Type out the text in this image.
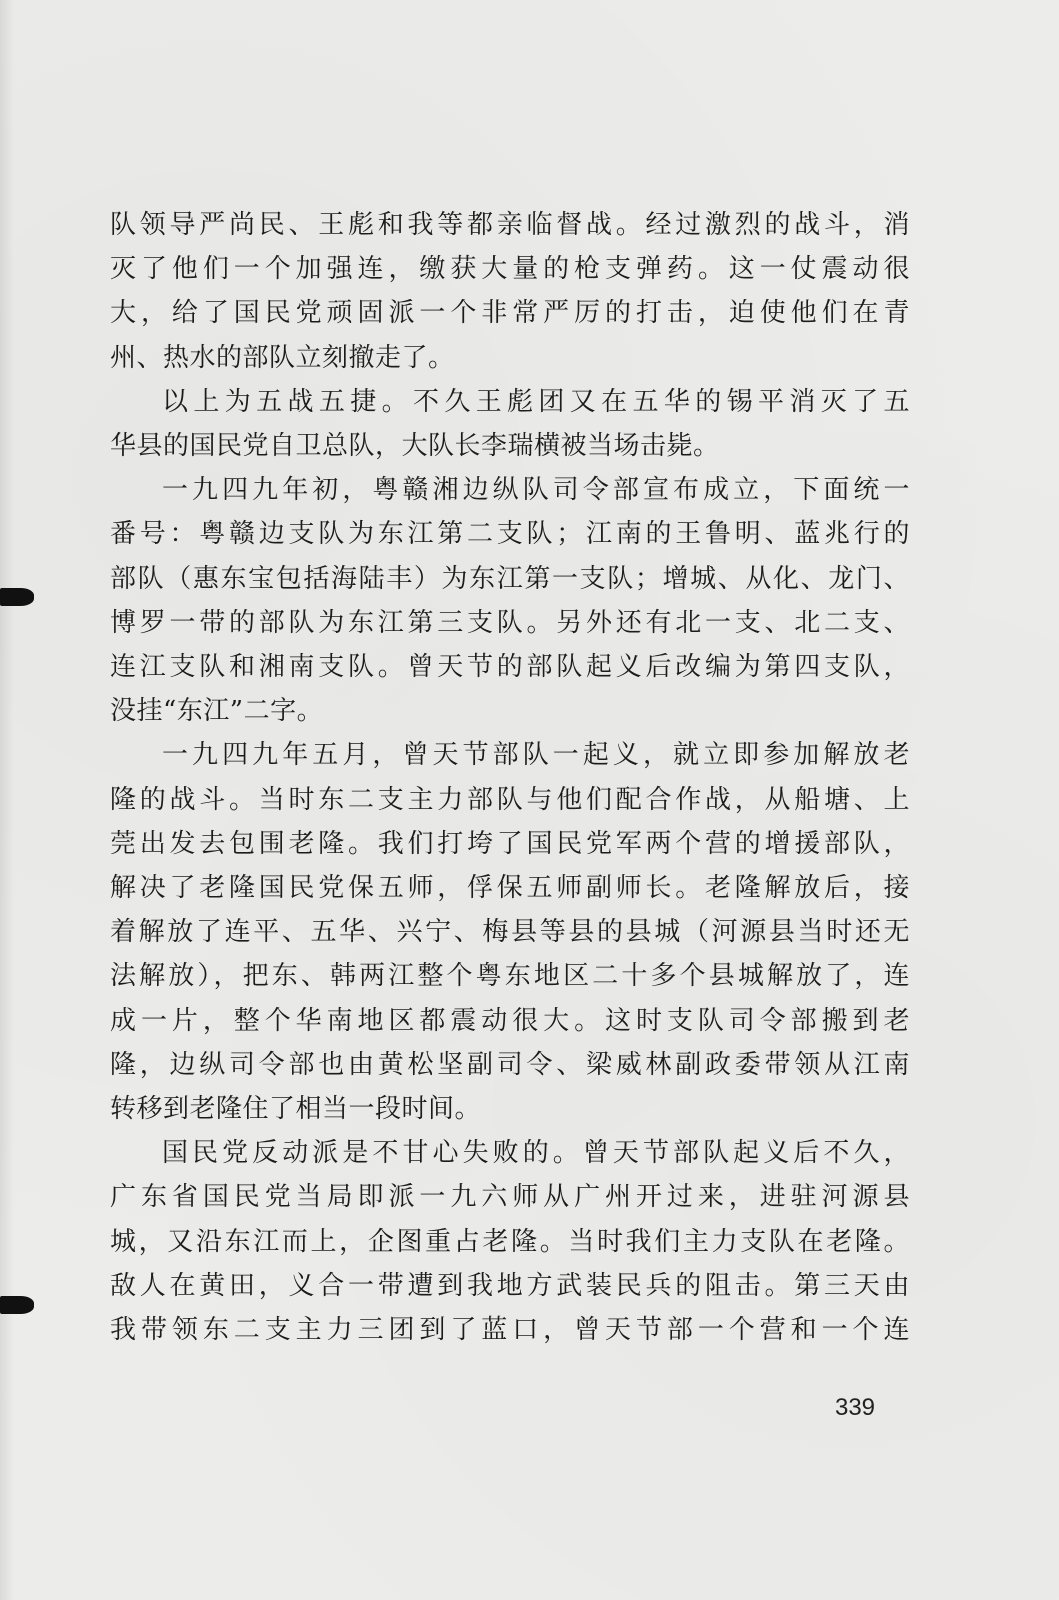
队领导严尚民、王彪和我等都亲临督战。经过激烈的战斗，消
灭了他们一个加强连，缴获大量的枪支弹药。这一仗震动很
大，给了国民党顽固派一个非常严厉的打击，迫使他们在青
州、热水的部队立刻撤走了。
以上为五战五捷。不久王彪团又在五华的锡平消灭了五
华县的国民党自卫总队，大队长李瑞横被当场击毙。
一九四九年初，粤赣湘边纵队司令部宣布成立，下面统一
番号：粤赣边支队为东江第二支队；江南的王鲁明、蓝兆行的
部队（惠东宝包括海陆丰）为东江第一支队；增城、从化、龙门、
博罗一带的部队为东江第三支队。另外还有北一支、北二支、
连江支队和湘南支队。曾天节的部队起义后改编为第四支队，
没挂“东江”二字。
一九四九年五月，曾天节部队一起义，就立即参加解放老
隆的战斗。当时东二支主力部队与他们配合作战，从船塘、上
莞出发去包围老隆。我们打垮了国民党军两个营的增援部队，
解决了老隆国民党保五师，俘保五师副师长。老隆解放后，接
着解放了连平、五华、兴宁、梅县等县的县城（河源县当时还无
法解放），把东、韩两江整个粤东地区二十多个县城解放了，连
成一片，整个华南地区都震动很大。这时支队司令部搬到老
隆，边纵司令部也由黄松坚副司令、梁威林副政委带领从江南
转移到老隆住了相当一段时间。
国民党反动派是不甘心失败的。曾天节部队起义后不久，
广东省国民党当局即派一九六师从广州开过来，进驻河源县
城，又沿东江而上，企图重占老隆。当时我们主力支队在老隆。
敌人在黄田，义合一带遭到我地方武装民兵的阻击。第三天由
我带领东二支主力三团到了蓝口，曾天节部一个营和一个连
339
